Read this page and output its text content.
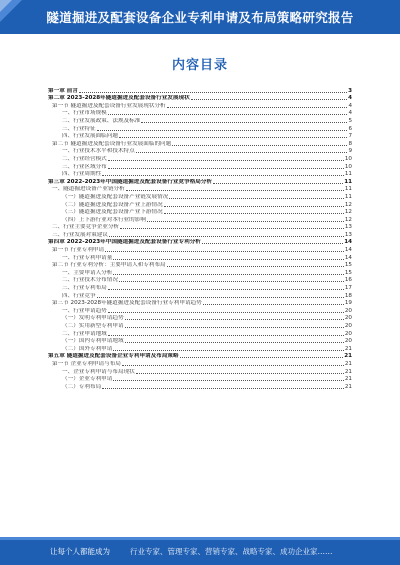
隧道掘进及配套设备企业专利申请及布局策略研究报告
内容目录
第一章 前言	3
第二章 2023-2028年隧道掘进及配套设备行业发展现状	4
第一节 隧道掘进及配套设备行业发展现状分析	4
一、行业市场规模	4
二、行业发展政策、法规及标准	5
三、行业特征	6
四、行业发展面临问题	7
第二节 隧道掘进及配套设备行业发展面临的问题	8
一、行业技术水平和技术特点	9
二、行业经营模式	10
三、行业区域分布	10
四、行业周期性	11
第三章 2022-2023年中国隧道掘进及配套设备行业竞争格局分析	11
一、隧道掘进设备产业链分析	11
（一）隧道掘进及配套设备产业链发展情况	11
（二）隧道掘进及配套设备产业上游情况	12
（三）隧道掘进及配套设备产业下游情况	12
（四）上下游行业对本行业的影响	12
二、行业主要竞争企业分析	13
三、行业发展对策建议	13
第四章 2022-2023年中国隧道掘进及配套设备行业专利分析	14
第一节 行业专利申请	14
一、行业专利申请量	14
第二节 行业专利分析：主要申请人和专利布局	15
一、主要申请人分析	15
二、行业技术分布情况	16
三、行业专利布局	17
四、行业竞争	18
第三节 2023-2028年隧道掘进及配套设备行业专利申请趋势	19
一、行业申请趋势	20
（一）发明专利申请趋势	20
（二）实用新型专利申请	20
二、行业申请地域	20
（一）国内专利申请地域	20
（二）国外专利申请	21
第五章 隧道掘进及配套设备企业专利申请及布局策略	21
第一节 企业专利申请与布局	21
一、企业专利申请与布局现状	21
（一）企业专利申请	21
（二）专利布局	21
让每个人都能成为	行业专家、管理专家、营销专家、战略专家、成功企业家……
